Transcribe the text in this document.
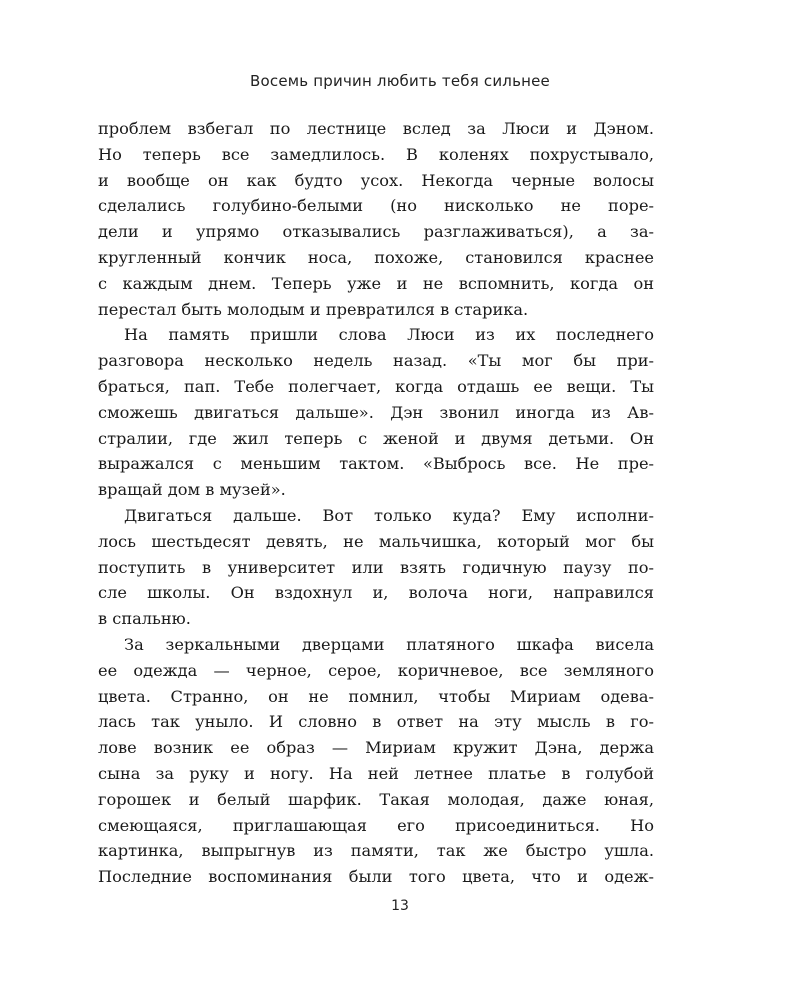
Восемь причин любить тебя сильнее
проблем взбегал по лестнице вслед за Люси и Дэном.
Но теперь все замедлилось. В коленях похрустывало,
и вообще он как будто усох. Некогда черные волосы
сделались голубино-белыми (но нисколько не поре-
дели и упрямо отказывались разглаживаться), а за-
кругленный кончик носа, похоже, становился краснее
с каждым днем. Теперь уже и не вспомнить, когда он
перестал быть молодым и превратился в старика.
На память пришли слова Люси из их последнего
разговора несколько недель назад. «Ты мог бы при-
браться, пап. Тебе полегчает, когда отдашь ее вещи. Ты
сможешь двигаться дальше». Дэн звонил иногда из Ав-
стралии, где жил теперь с женой и двумя детьми. Он
выражался с меньшим тактом. «Выбрось все. Не пре-
вращай дом в музей».
Двигаться дальше. Вот только куда? Ему исполни-
лось шестьдесят девять, не мальчишка, который мог бы
поступить в университет или взять годичную паузу по-
сле школы. Он вздохнул и, волоча ноги, направился
в спальню.
За зеркальными дверцами платяного шкафа висела
ее одежда — черное, серое, коричневое, все земляного
цвета. Странно, он не помнил, чтобы Мириам одева-
лась так уныло. И словно в ответ на эту мысль в го-
лове возник ее образ — Мириам кружит Дэна, держа
сына за руку и ногу. На ней летнее платье в голубой
горошек и белый шарфик. Такая молодая, даже юная,
смеющаяся, приглашающая его присоединиться. Но
картинка, выпрыгнув из памяти, так же быстро ушла.
Последние воспоминания были того цвета, что и одеж-
13
